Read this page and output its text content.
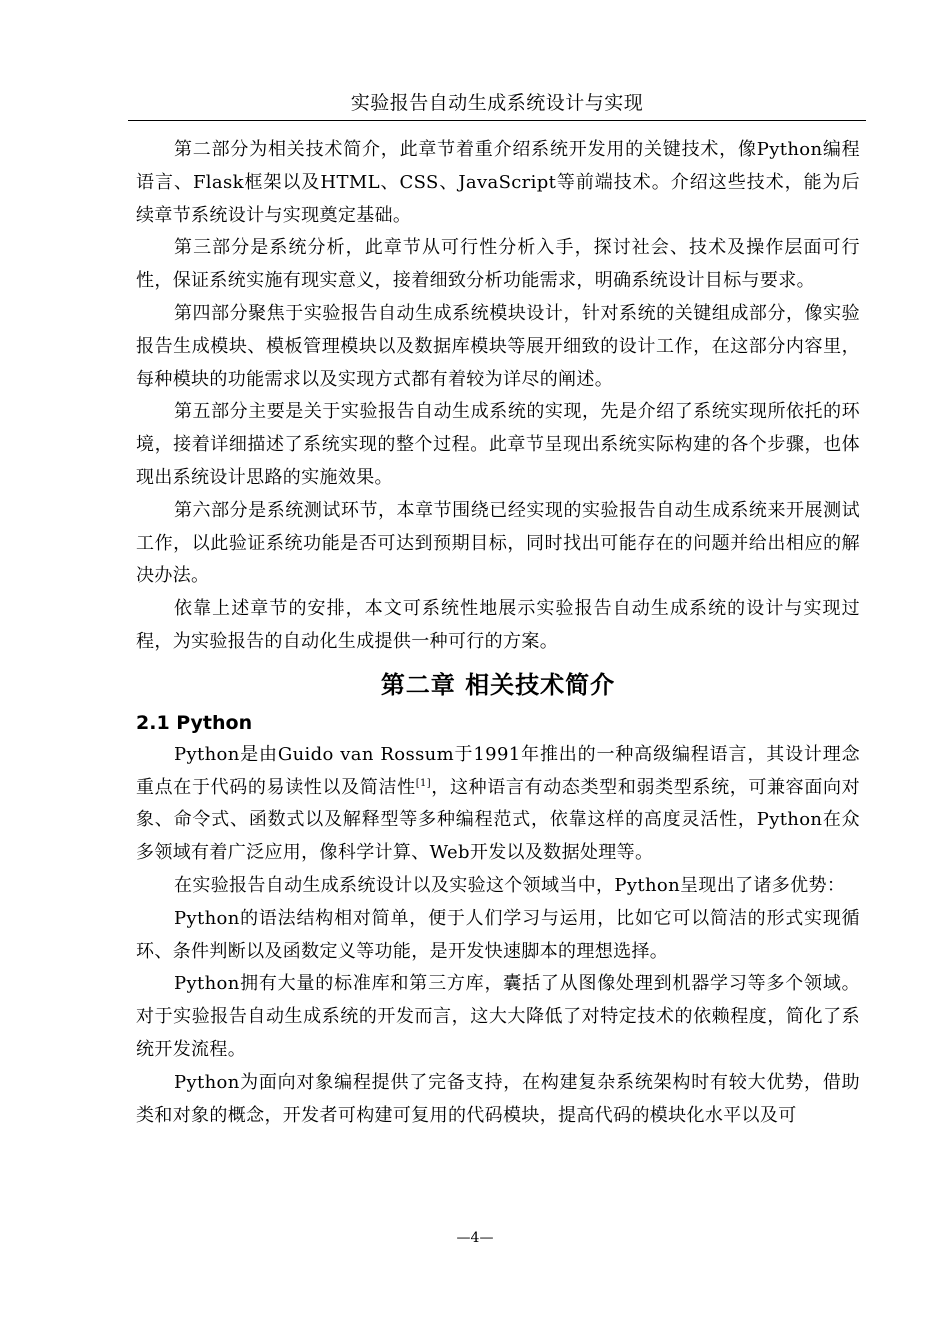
实验报告自动生成系统设计与实现

第二部分为相关技术简介，此章节着重介绍系统开发用的关键技术，像Python编程语言、Flask框架以及HTML、CSS、JavaScript等前端技术。介绍这些技术，能为后续章节系统设计与实现奠定基础。

第三部分是系统分析，此章节从可行性分析入手，探讨社会、技术及操作层面可行性，保证系统实施有现实意义，接着细致分析功能需求，明确系统设计目标与要求。

第四部分聚焦于实验报告自动生成系统模块设计，针对系统的关键组成部分，像实验报告生成模块、模板管理模块以及数据库模块等展开细致的设计工作，在这部分内容里，每种模块的功能需求以及实现方式都有着较为详尽的阐述。

第五部分主要是关于实验报告自动生成系统的实现，先是介绍了系统实现所依托的环境，接着详细描述了系统实现的整个过程。此章节呈现出系统实际构建的各个步骤，也体现出系统设计思路的实施效果。

第六部分是系统测试环节，本章节围绕已经实现的实验报告自动生成系统来开展测试工作，以此验证系统功能是否可达到预期目标，同时找出可能存在的问题并给出相应的解决办法。

依靠上述章节的安排，本文可系统性地展示实验报告自动生成系统的设计与实现过程，为实验报告的自动化生成提供一种可行的方案。

第二章 相关技术简介
2.1 Python

Python是由Guido van Rossum于1991年推出的一种高级编程语言，其设计理念重点在于代码的易读性以及简洁性[1]，这种语言有动态类型和弱类型系统，可兼容面向对象、命令式、函数式以及解释型等多种编程范式，依靠这样的高度灵活性，Python在众多领域有着广泛应用，像科学计算、Web开发以及数据处理等。

在实验报告自动生成系统设计以及实验这个领域当中，Python呈现出了诸多优势：

Python的语法结构相对简单，便于人们学习与运用，比如它可以简洁的形式实现循环、条件判断以及函数定义等功能，是开发快速脚本的理想选择。

Python拥有大量的标准库和第三方库，囊括了从图像处理到机器学习等多个领域。对于实验报告自动生成系统的开发而言，这大大降低了对特定技术的依赖程度，简化了系统开发流程。

Python为面向对象编程提供了完备支持，在构建复杂系统架构时有较大优势，借助类和对象的概念，开发者可构建可复用的代码模块，提高代码的模块化水平以及可

—4—
